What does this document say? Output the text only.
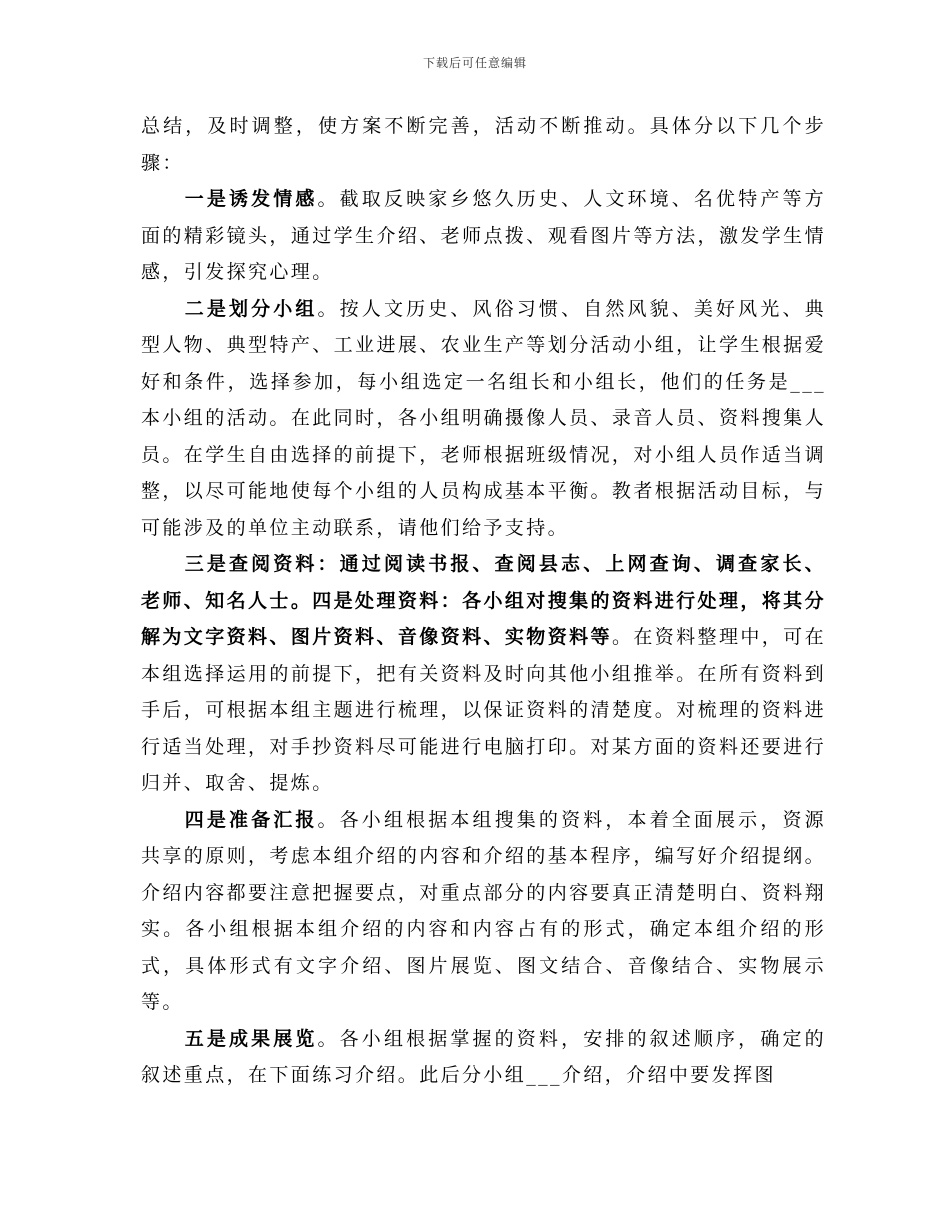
下载后可任意编辑

总结，及时调整，使方案不断完善，活动不断推动。具体分以下几个步骤：

一是诱发情感。截取反映家乡悠久历史、人文环境、名优特产等方面的精彩镜头，通过学生介绍、老师点拨、观看图片等方法，激发学生情感，引发探究心理。

二是划分小组。按人文历史、风俗习惯、自然风貌、美好风光、典型人物、典型特产、工业进展、农业生产等划分活动小组，让学生根据爱好和条件，选择参加，每小组选定一名组长和小组长，他们的任务是___本小组的活动。在此同时，各小组明确摄像人员、录音人员、资料搜集人员。在学生自由选择的前提下，老师根据班级情况，对小组人员作适当调整，以尽可能地使每个小组的人员构成基本平衡。教者根据活动目标，与可能涉及的单位主动联系，请他们给予支持。

三是查阅资料：通过阅读书报、查阅县志、上网查询、调查家长、老师、知名人士。四是处理资料：各小组对搜集的资料进行处理，将其分解为文字资料、图片资料、音像资料、实物资料等。在资料整理中，可在本组选择运用的前提下，把有关资料及时向其他小组推举。在所有资料到手后，可根据本组主题进行梳理，以保证资料的清楚度。对梳理的资料进行适当处理，对手抄资料尽可能进行电脑打印。对某方面的资料还要进行归并、取舍、提炼。

四是准备汇报。各小组根据本组搜集的资料，本着全面展示，资源共享的原则，考虑本组介绍的内容和介绍的基本程序，编写好介绍提纲。介绍内容都要注意把握要点，对重点部分的内容要真正清楚明白、资料翔实。各小组根据本组介绍的内容和内容占有的形式，确定本组介绍的形式，具体形式有文字介绍、图片展览、图文结合、音像结合、实物展示等。

五是成果展览。各小组根据掌握的资料，安排的叙述顺序，确定的叙述重点，在下面练习介绍。此后分小组___介绍，介绍中要发挥图
